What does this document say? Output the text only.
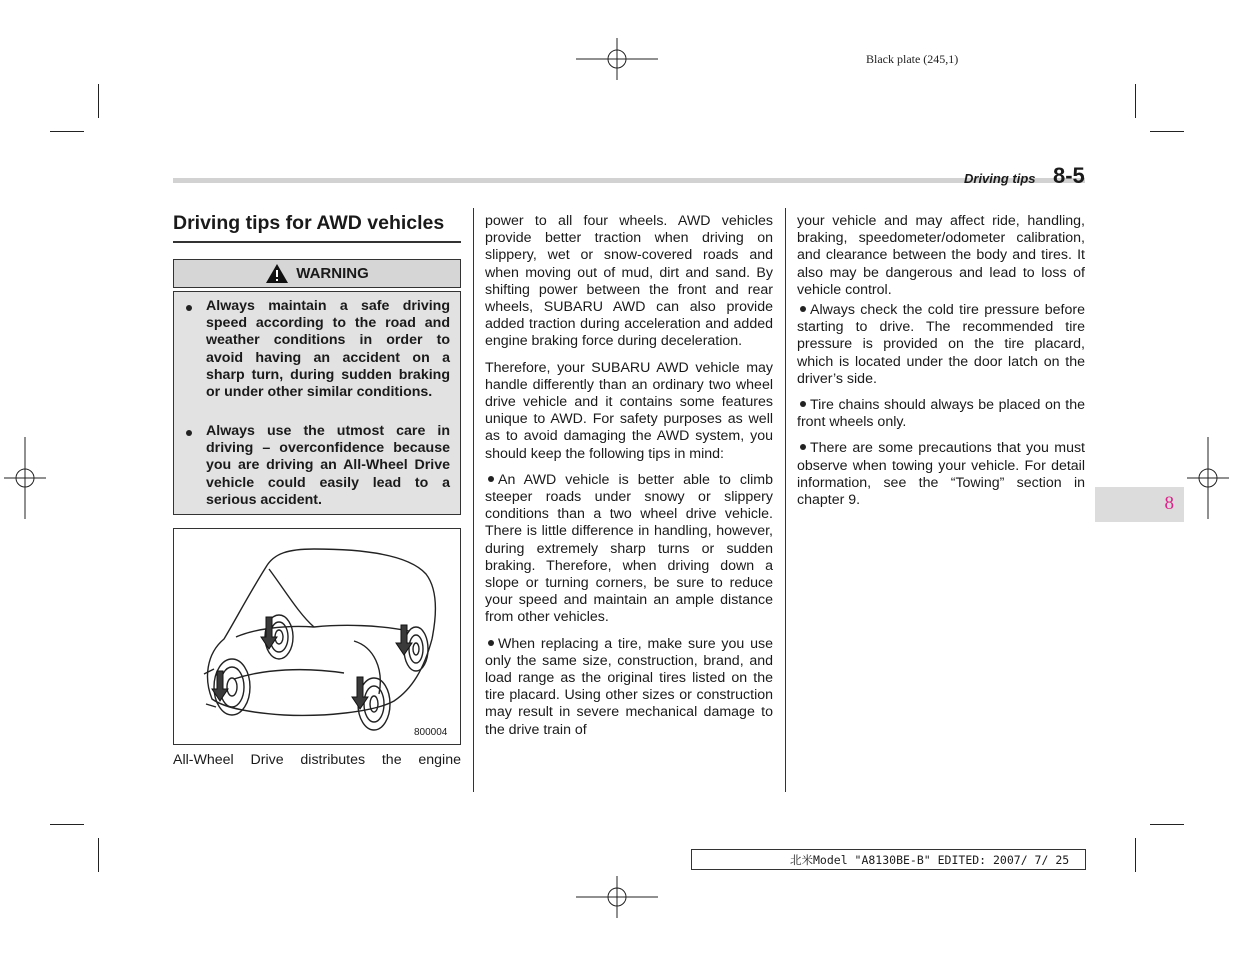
Black plate (245,1)
Driving tips 8-5
Driving tips for AWD vehicles
WARNING
Always maintain a safe driving speed according to the road and weather conditions in order to avoid having an accident on a sharp turn, during sudden braking or under other similar conditions.
Always use the utmost care in driving – overconfidence because you are driving an All-Wheel Drive vehicle could easily lead to a serious accident.
800004
All-Wheel Drive distributes the engine

power to all four wheels. AWD vehicles provide better traction when driving on slippery, wet or snow-covered roads and when moving out of mud, dirt and sand. By shifting power between the front and rear wheels, SUBARU AWD can also provide added traction during acceleration and added engine braking force during deceleration.

Therefore, your SUBARU AWD vehicle may handle differently than an ordinary two wheel drive vehicle and it contains some features unique to AWD. For safety purposes as well as to avoid damaging the AWD system, you should keep the following tips in mind:

An AWD vehicle is better able to climb steeper roads under snowy or slippery conditions than a two wheel drive vehicle. There is little difference in handling, however, during extremely sharp turns or sudden braking. Therefore, when driving down a slope or turning corners, be sure to reduce your speed and maintain an ample distance from other vehicles.

When replacing a tire, make sure you use only the same size, construction, brand, and load range as the original tires listed on the tire placard. Using other sizes or construction may result in severe mechanical damage to the drive train of

your vehicle and may affect ride, handling, braking, speedometer/odometer calibration, and clearance between the body and tires. It also may be dangerous and lead to loss of vehicle control.

Always check the cold tire pressure before starting to drive. The recommended tire pressure is provided on the tire placard, which is located under the door latch on the driver’s side.

Tire chains should always be placed on the front wheels only.

There are some precautions that you must observe when towing your vehicle. For detail information, see the “Towing” section in chapter 9.	8
北米Model "A8130BE-B" EDITED: 2007/ 7/ 25
